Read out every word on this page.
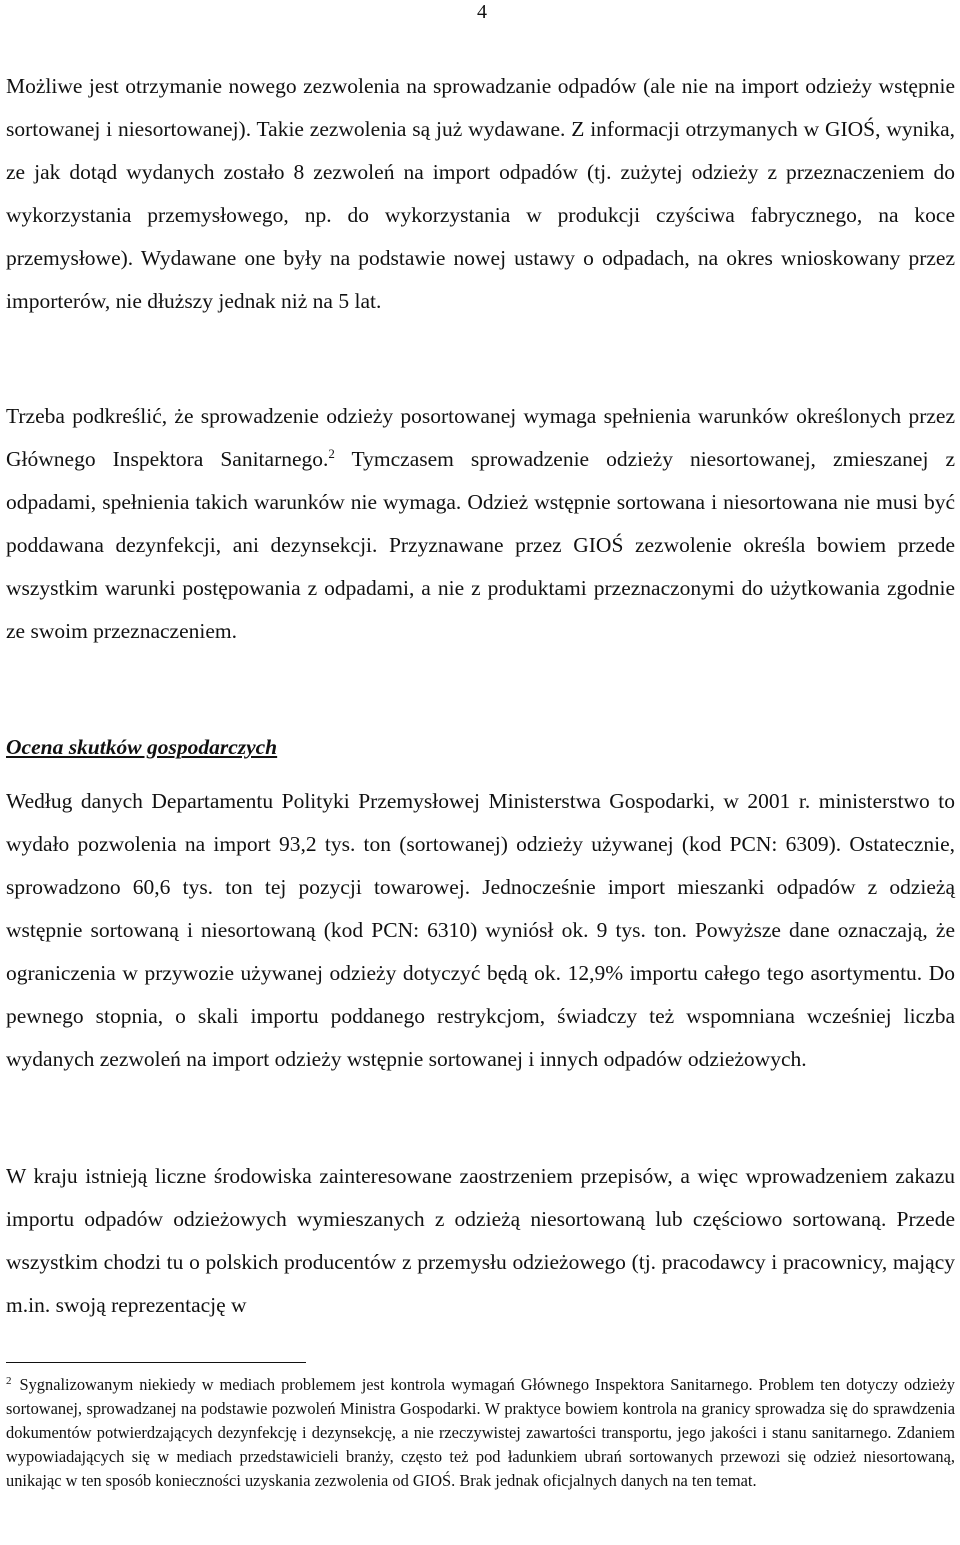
4

Możliwe jest otrzymanie nowego zezwolenia na sprowadzanie odpadów (ale nie na import odzieży wstępnie sortowanej i niesortowanej). Takie zezwolenia są już wydawane. Z informacji otrzymanych w GIOŚ, wynika, ze jak dotąd wydanych zostało 8 zezwoleń na import odpadów (tj. zużytej odzieży z przeznaczeniem do wykorzystania przemysłowego, np. do wykorzystania w produkcji czyściwa fabrycznego, na koce przemysłowe). Wydawane one były na podstawie nowej ustawy o odpadach, na okres wnioskowany przez importerów, nie dłuższy jednak niż na 5 lat.

Trzeba podkreślić, że sprowadzenie odzieży posortowanej wymaga spełnienia warunków określonych przez Głównego Inspektora Sanitarnego.$^2$ Tymczasem sprowadzenie odzieży niesortowanej, zmieszanej z odpadami, spełnienia takich warunków nie wymaga. Odzież wstępnie sortowana i niesortowana nie musi być poddawana dezynfekcji, ani dezynsekcji. Przyznawane przez GIOŚ zezwolenie określa bowiem przede wszystkim warunki postępowania z odpadami, a nie z produktami przeznaczonymi do użytkowania zgodnie ze swoim przeznaczeniem.

Ocena skutków gospodarczych

Według danych Departamentu Polityki Przemysłowej Ministerstwa Gospodarki, w 2001 r. ministerstwo to wydało pozwolenia na import 93,2 tys. ton (sortowanej) odzieży używanej (kod PCN: 6309). Ostatecznie, sprowadzono 60,6 tys. ton tej pozycji towarowej. Jednocześnie import mieszanki odpadów z odzieżą wstępnie sortowaną i niesortowaną (kod PCN: 6310) wyniósł ok. 9 tys. ton. Powyższe dane oznaczają, że ograniczenia w przywozie używanej odzieży dotyczyć będą ok. 12,9% importu całego tego asortymentu. Do pewnego stopnia, o skali importu poddanego restrykcjom, świadczy też wspomniana wcześniej liczba wydanych zezwoleń na import odzieży wstępnie sortowanej i innych odpadów odzieżowych.

W kraju istnieją liczne środowiska zainteresowane zaostrzeniem przepisów, a więc wprowadzeniem zakazu importu odpadów odzieżowych wymieszanych z odzieżą niesortowaną lub częściowo sortowaną. Przede wszystkim chodzi tu o polskich producentów z przemysłu odzieżowego (tj. pracodawcy i pracownicy, mający m.in. swoją reprezentację w

$^2$ Sygnalizowanym niekiedy w mediach problemem jest kontrola wymagań Głównego Inspektora Sanitarnego. Problem ten dotyczy odzieży sortowanej, sprowadzanej na podstawie pozwoleń Ministra Gospodarki. W praktyce bowiem kontrola na granicy sprowadza się do sprawdzenia dokumentów potwierdzających dezynfekcję i dezynsekcję, a nie rzeczywistej zawartości transportu, jego jakości i stanu sanitarnego. Zdaniem wypowiadających się w mediach przedstawicieli branży, często też pod ładunkiem ubrań sortowanych przewozi się odzież niesortowaną, unikając w ten sposób konieczności uzyskania zezwolenia od GIOŚ. Brak jednak oficjalnych danych na ten temat.
